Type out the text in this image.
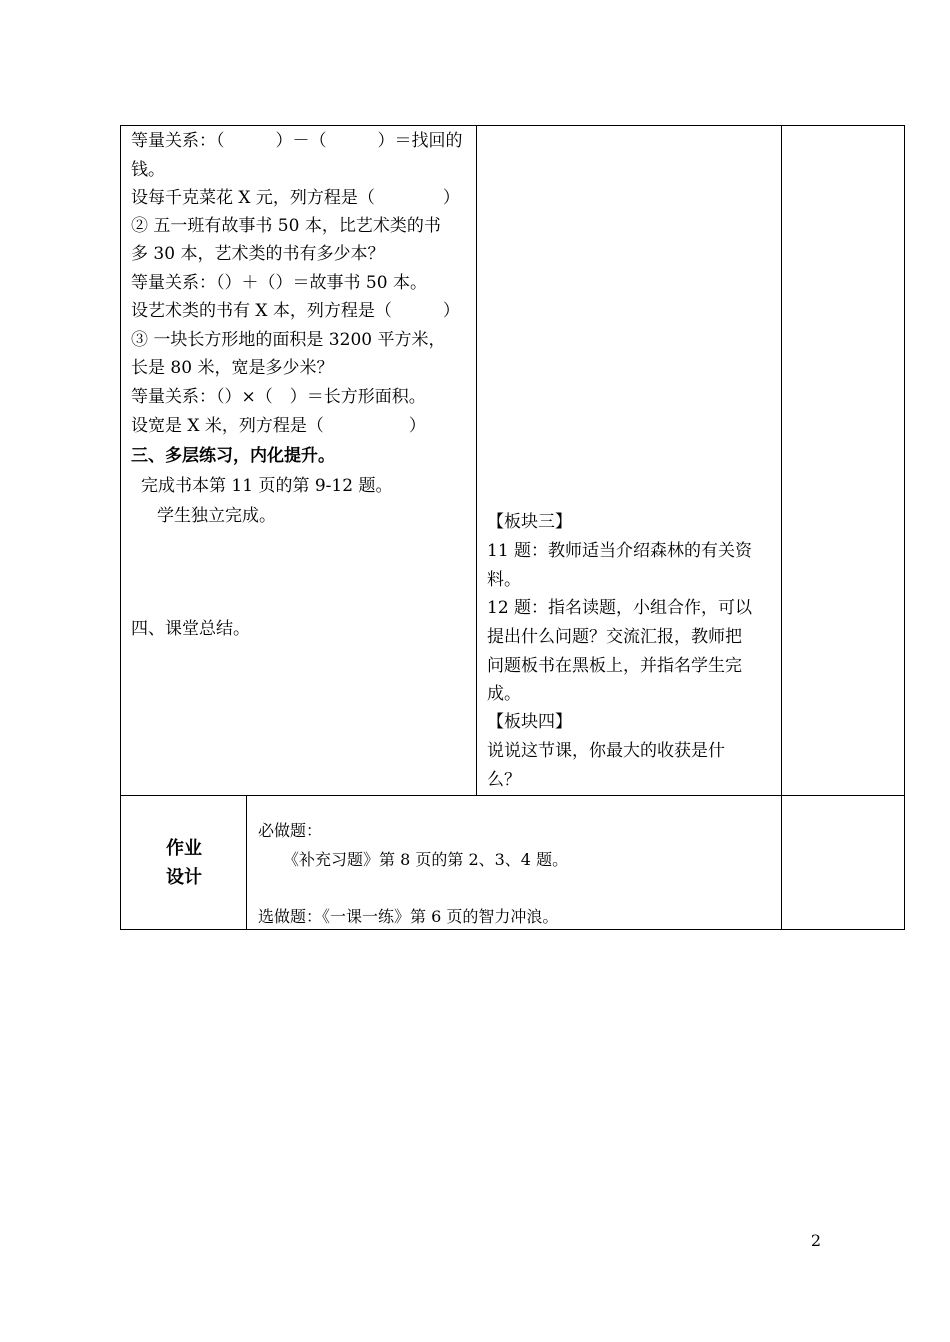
等量关系：（　　　）－（　　　）＝找回的
钱。
设每千克菜花 X 元，列方程是（　　　　）
② 五一班有故事书 50 本，比艺术类的书
多 30 本，艺术类的书有多少本？
等量关系：（）＋（）＝故事书 50 本。
设艺术类的书有 X 本，列方程是（　　　）
③ 一块长方形地的面积是 3200 平方米，
长是 80 米，宽是多少米？
等量关系：（）×（　）＝长方形面积。
设宽是 X 米，列方程是（　　　　　）
三、多层练习，内化提升。
完成书本第 11 页的第 9-12 题。
学生独立完成。
四、课堂总结。
【板块三】
11 题：教师适当介绍森林的有关资
料。
12 题：指名读题，小组合作，可以
提出什么问题？交流汇报，教师把
问题板书在黑板上，并指名学生完
成。
【板块四】
说说这节课，你最大的收获是什
么？
作业
设计
必做题：
《补充习题》第 8 页的第 2、3、4 题。
选做题：《一课一练》第 6 页的智力冲浪。
2
